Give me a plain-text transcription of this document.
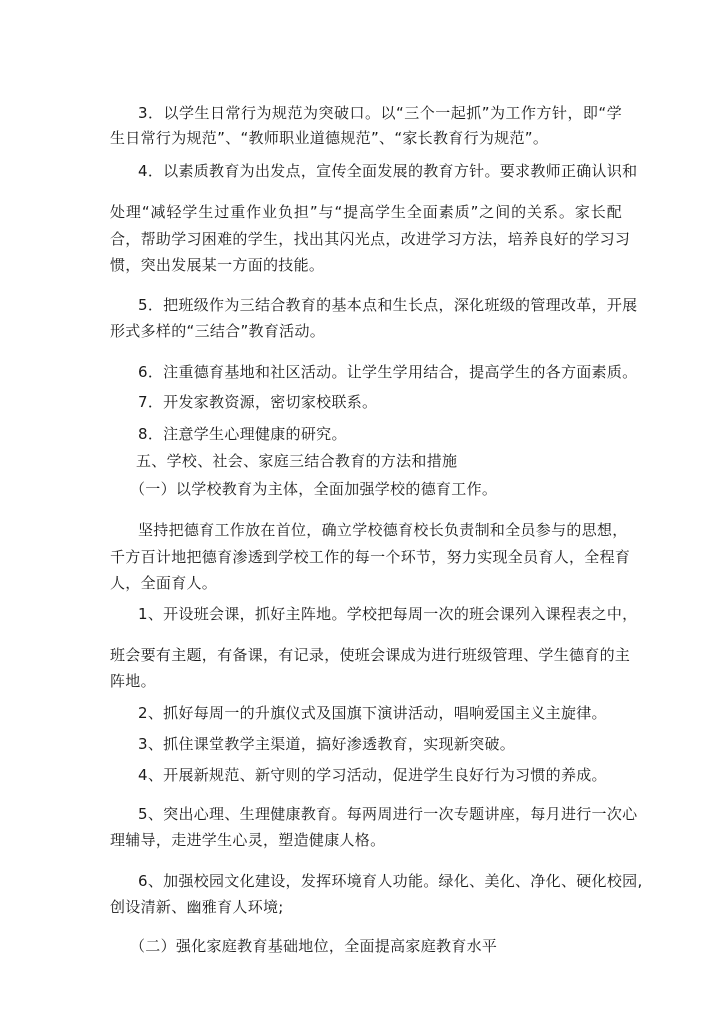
3．以学生日常行为规范为突破口。以“三个一起抓”为工作方针，即“学
生日常行为规范”、“教师职业道德规范”、“家长教育行为规范”。
4．以素质教育为出发点，宣传全面发展的教育方针。要求教师正确认识和
处理“减轻学生过重作业负担”与“提高学生全面素质”之间的关系。家长配
合，帮助学习困难的学生，找出其闪光点，改进学习方法，培养良好的学习习
惯，突出发展某一方面的技能。
5．把班级作为三结合教育的基本点和生长点，深化班级的管理改革，开展
形式多样的“三结合”教育活动。
6．注重德育基地和社区活动。让学生学用结合，提高学生的各方面素质。
7．开发家教资源，密切家校联系。
8．注意学生心理健康的研究。
五、学校、社会、家庭三结合教育的方法和措施
（一）以学校教育为主体，全面加强学校的德育工作。
坚持把德育工作放在首位，确立学校德育校长负责制和全员参与的思想，
千方百计地把德育渗透到学校工作的每一个环节，努力实现全员育人，全程育
人，全面育人。
1、开设班会课，抓好主阵地。学校把每周一次的班会课列入课程表之中，
班会要有主题，有备课，有记录，使班会课成为进行班级管理、学生德育的主
阵地。
2、抓好每周一的升旗仪式及国旗下演讲活动，唱响爱国主义主旋律。
3、抓住课堂教学主渠道，搞好渗透教育，实现新突破。
4、开展新规范、新守则的学习活动，促进学生良好行为习惯的养成。
5、突出心理、生理健康教育。每两周进行一次专题讲座，每月进行一次心
理辅导，走进学生心灵，塑造健康人格。
6、加强校园文化建设，发挥环境育人功能。绿化、美化、净化、硬化校园,
创设清新、幽雅育人环境;
（二）强化家庭教育基础地位，全面提高家庭教育水平
